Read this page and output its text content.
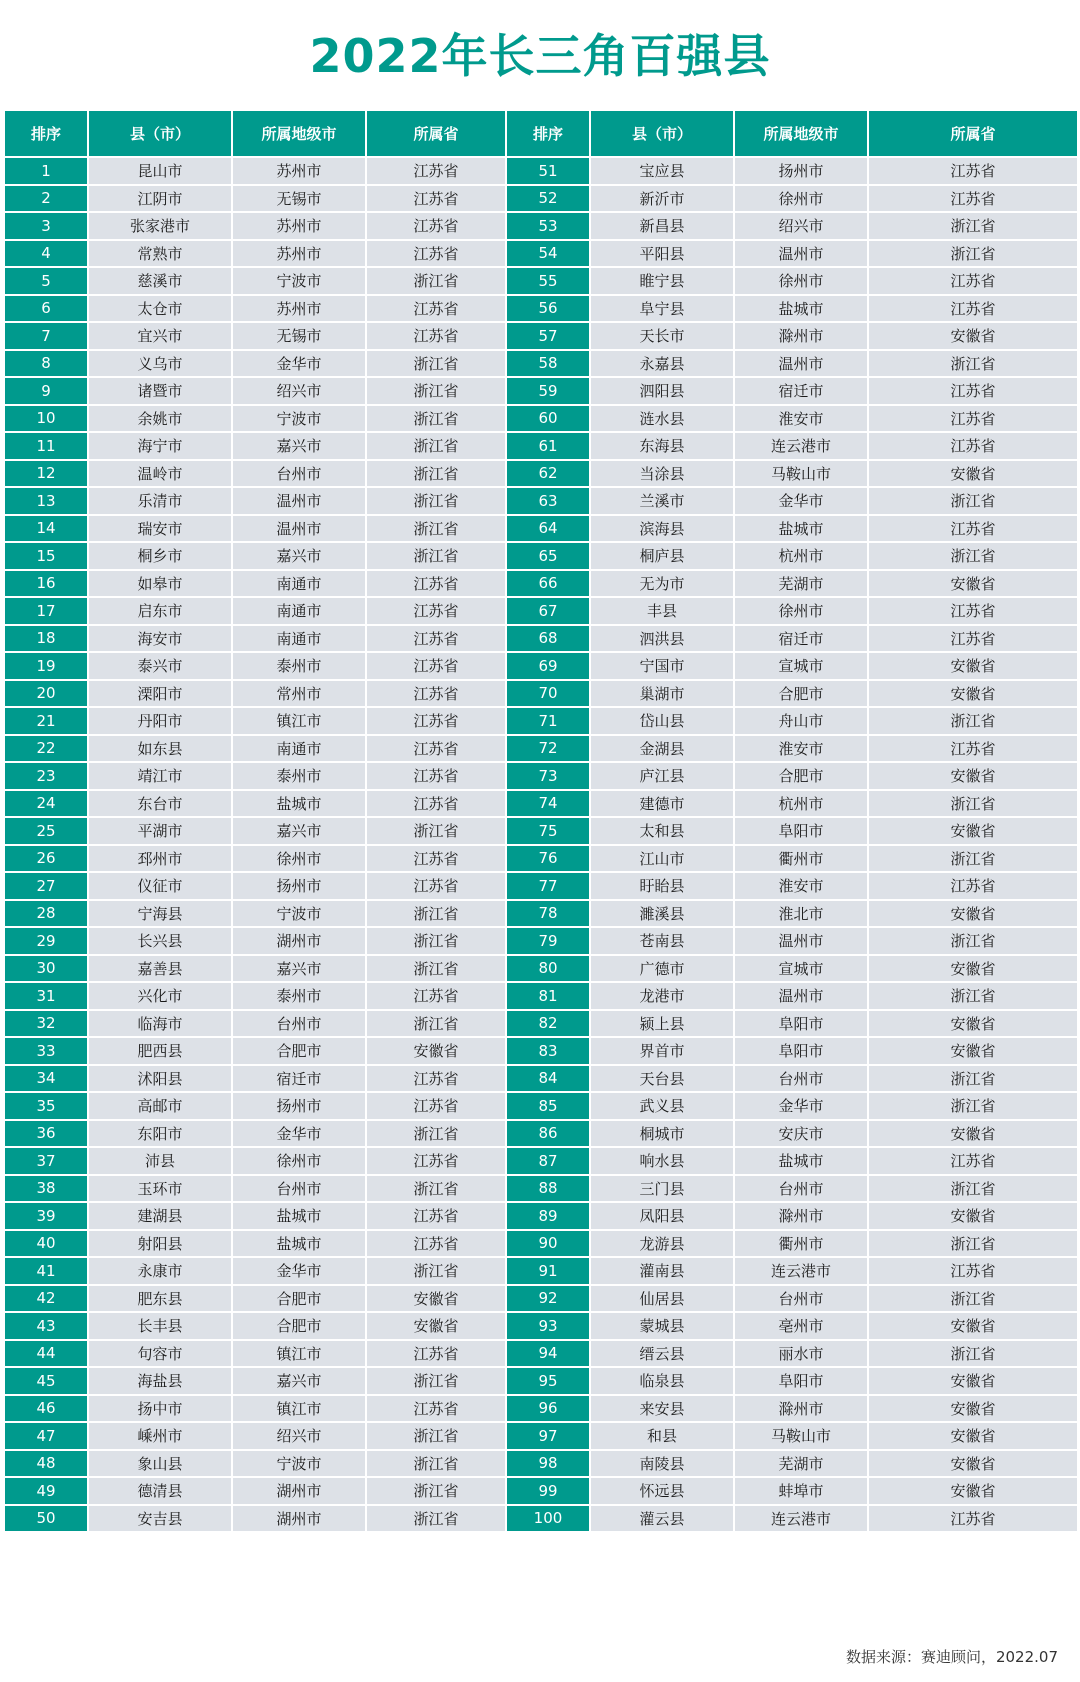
2022年长三角百强县
排序	县（市）	所属地级市	所属省	排序	县（市）	所属地级市	所属省
1	昆山市	苏州市	江苏省	51	宝应县	扬州市	江苏省
2	江阴市	无锡市	江苏省	52	新沂市	徐州市	江苏省
3	张家港市	苏州市	江苏省	53	新昌县	绍兴市	浙江省
4	常熟市	苏州市	江苏省	54	平阳县	温州市	浙江省
5	慈溪市	宁波市	浙江省	55	睢宁县	徐州市	江苏省
6	太仓市	苏州市	江苏省	56	阜宁县	盐城市	江苏省
7	宜兴市	无锡市	江苏省	57	天长市	滁州市	安徽省
8	义乌市	金华市	浙江省	58	永嘉县	温州市	浙江省
9	诸暨市	绍兴市	浙江省	59	泗阳县	宿迁市	江苏省
10	余姚市	宁波市	浙江省	60	涟水县	淮安市	江苏省
11	海宁市	嘉兴市	浙江省	61	东海县	连云港市	江苏省
12	温岭市	台州市	浙江省	62	当涂县	马鞍山市	安徽省
13	乐清市	温州市	浙江省	63	兰溪市	金华市	浙江省
14	瑞安市	温州市	浙江省	64	滨海县	盐城市	江苏省
15	桐乡市	嘉兴市	浙江省	65	桐庐县	杭州市	浙江省
16	如皋市	南通市	江苏省	66	无为市	芜湖市	安徽省
17	启东市	南通市	江苏省	67	丰县	徐州市	江苏省
18	海安市	南通市	江苏省	68	泗洪县	宿迁市	江苏省
19	泰兴市	泰州市	江苏省	69	宁国市	宣城市	安徽省
20	溧阳市	常州市	江苏省	70	巢湖市	合肥市	安徽省
21	丹阳市	镇江市	江苏省	71	岱山县	舟山市	浙江省
22	如东县	南通市	江苏省	72	金湖县	淮安市	江苏省
23	靖江市	泰州市	江苏省	73	庐江县	合肥市	安徽省
24	东台市	盐城市	江苏省	74	建德市	杭州市	浙江省
25	平湖市	嘉兴市	浙江省	75	太和县	阜阳市	安徽省
26	邳州市	徐州市	江苏省	76	江山市	衢州市	浙江省
27	仪征市	扬州市	江苏省	77	盱眙县	淮安市	江苏省
28	宁海县	宁波市	浙江省	78	濉溪县	淮北市	安徽省
29	长兴县	湖州市	浙江省	79	苍南县	温州市	浙江省
30	嘉善县	嘉兴市	浙江省	80	广德市	宣城市	安徽省
31	兴化市	泰州市	江苏省	81	龙港市	温州市	浙江省
32	临海市	台州市	浙江省	82	颍上县	阜阳市	安徽省
33	肥西县	合肥市	安徽省	83	界首市	阜阳市	安徽省
34	沭阳县	宿迁市	江苏省	84	天台县	台州市	浙江省
35	高邮市	扬州市	江苏省	85	武义县	金华市	浙江省
36	东阳市	金华市	浙江省	86	桐城市	安庆市	安徽省
37	沛县	徐州市	江苏省	87	响水县	盐城市	江苏省
38	玉环市	台州市	浙江省	88	三门县	台州市	浙江省
39	建湖县	盐城市	江苏省	89	凤阳县	滁州市	安徽省
40	射阳县	盐城市	江苏省	90	龙游县	衢州市	浙江省
41	永康市	金华市	浙江省	91	灌南县	连云港市	江苏省
42	肥东县	合肥市	安徽省	92	仙居县	台州市	浙江省
43	长丰县	合肥市	安徽省	93	蒙城县	亳州市	安徽省
44	句容市	镇江市	江苏省	94	缙云县	丽水市	浙江省
45	海盐县	嘉兴市	浙江省	95	临泉县	阜阳市	安徽省
46	扬中市	镇江市	江苏省	96	来安县	滁州市	安徽省
47	嵊州市	绍兴市	浙江省	97	和县	马鞍山市	安徽省
48	象山县	宁波市	浙江省	98	南陵县	芜湖市	安徽省
49	德清县	湖州市	浙江省	99	怀远县	蚌埠市	安徽省
50	安吉县	湖州市	浙江省	100	灌云县	连云港市	江苏省
数据来源：赛迪顾问，2022.07
